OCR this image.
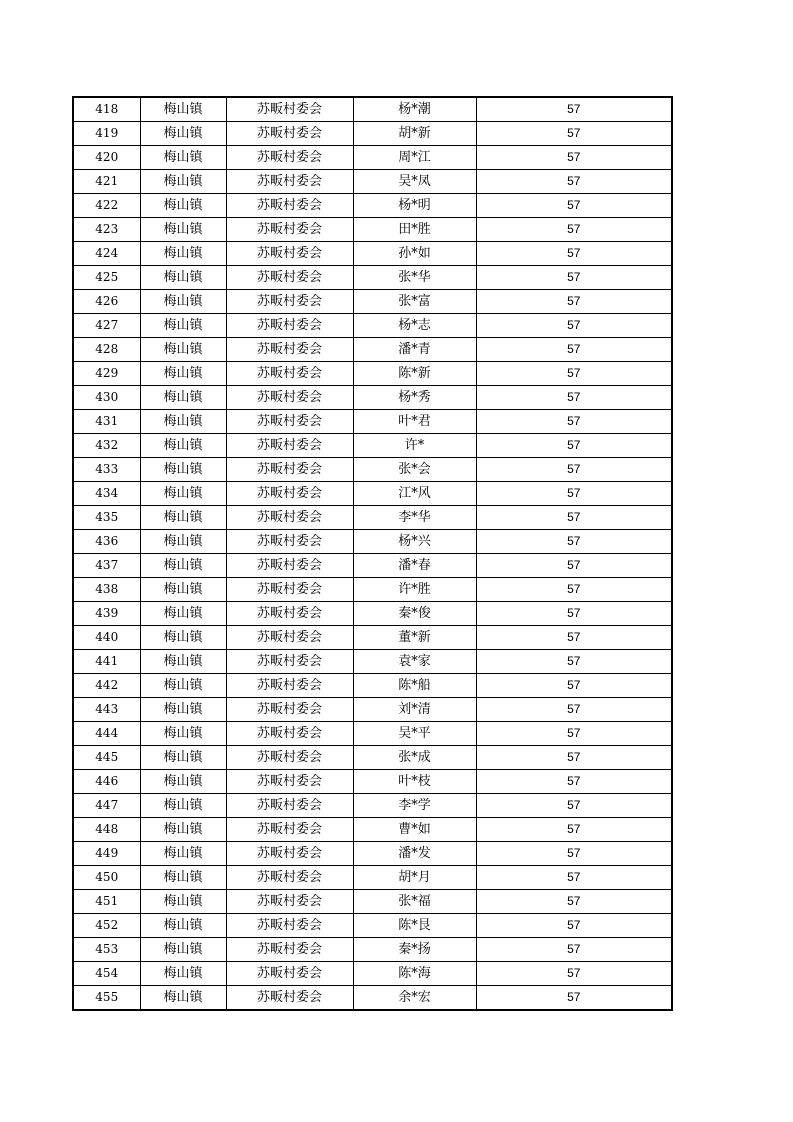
418	梅山镇	苏畈村委会	杨*潮	57
419	梅山镇	苏畈村委会	胡*新	57
420	梅山镇	苏畈村委会	周*江	57
421	梅山镇	苏畈村委会	吴*凤	57
422	梅山镇	苏畈村委会	杨*明	57
423	梅山镇	苏畈村委会	田*胜	57
424	梅山镇	苏畈村委会	孙*如	57
425	梅山镇	苏畈村委会	张*华	57
426	梅山镇	苏畈村委会	张*富	57
427	梅山镇	苏畈村委会	杨*志	57
428	梅山镇	苏畈村委会	潘*青	57
429	梅山镇	苏畈村委会	陈*新	57
430	梅山镇	苏畈村委会	杨*秀	57
431	梅山镇	苏畈村委会	叶*君	57
432	梅山镇	苏畈村委会	许*	57
433	梅山镇	苏畈村委会	张*会	57
434	梅山镇	苏畈村委会	江*风	57
435	梅山镇	苏畈村委会	李*华	57
436	梅山镇	苏畈村委会	杨*兴	57
437	梅山镇	苏畈村委会	潘*春	57
438	梅山镇	苏畈村委会	许*胜	57
439	梅山镇	苏畈村委会	秦*俊	57
440	梅山镇	苏畈村委会	董*新	57
441	梅山镇	苏畈村委会	袁*家	57
442	梅山镇	苏畈村委会	陈*船	57
443	梅山镇	苏畈村委会	刘*清	57
444	梅山镇	苏畈村委会	吴*平	57
445	梅山镇	苏畈村委会	张*成	57
446	梅山镇	苏畈村委会	叶*枝	57
447	梅山镇	苏畈村委会	李*学	57
448	梅山镇	苏畈村委会	曹*如	57
449	梅山镇	苏畈村委会	潘*发	57
450	梅山镇	苏畈村委会	胡*月	57
451	梅山镇	苏畈村委会	张*福	57
452	梅山镇	苏畈村委会	陈*艮	57
453	梅山镇	苏畈村委会	秦*扬	57
454	梅山镇	苏畈村委会	陈*海	57
455	梅山镇	苏畈村委会	余*宏	57
